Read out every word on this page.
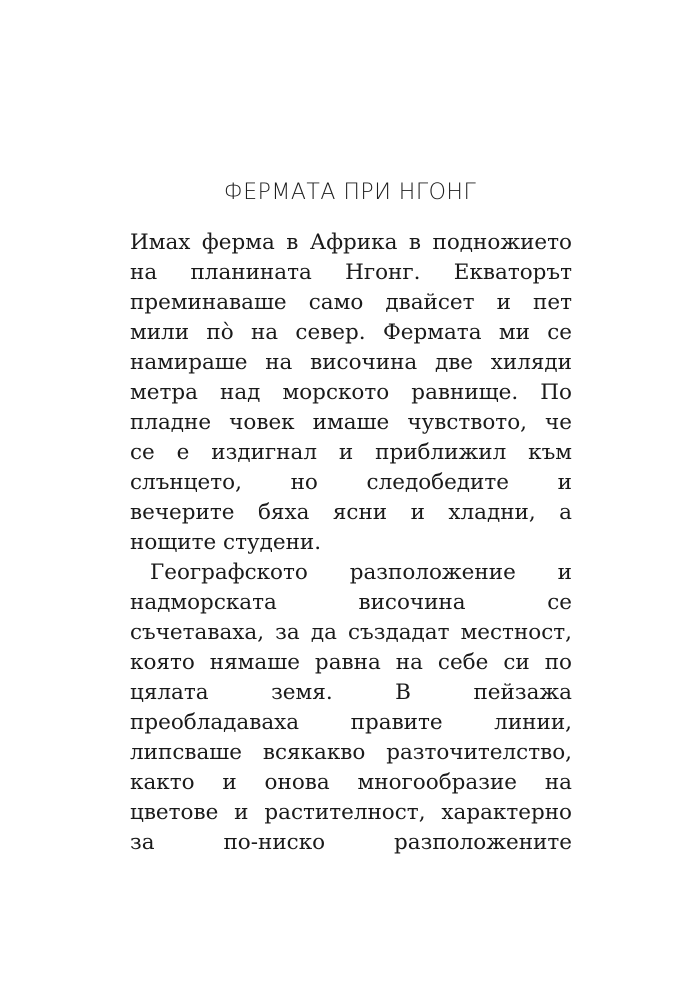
ФЕРМАТА ПРИ НГОНГ
Имах ферма в Африка в подножието
на планината Нгонг. Екваторът
преминаваше само двайсет и пет
мили пò на север. Фермата ми се
намираше на височина две хиляди
метра над морското равнище. По
пладне човек имаше чувството, че
се е издигнал и приближил към
слънцето, но следобедите и
вечерите бяха ясни и хладни, а
нощите студени.
Географското разположение и
надморската височина се
съчетаваха, за да създадат местност,
която нямаше равна на себе си по
цялата земя. В пейзажа
преобладаваха правите линии,
липсваше всякакво разточителство,
както и онова многообразие на
цветове и растителност, характерно
за по-ниско разположените
